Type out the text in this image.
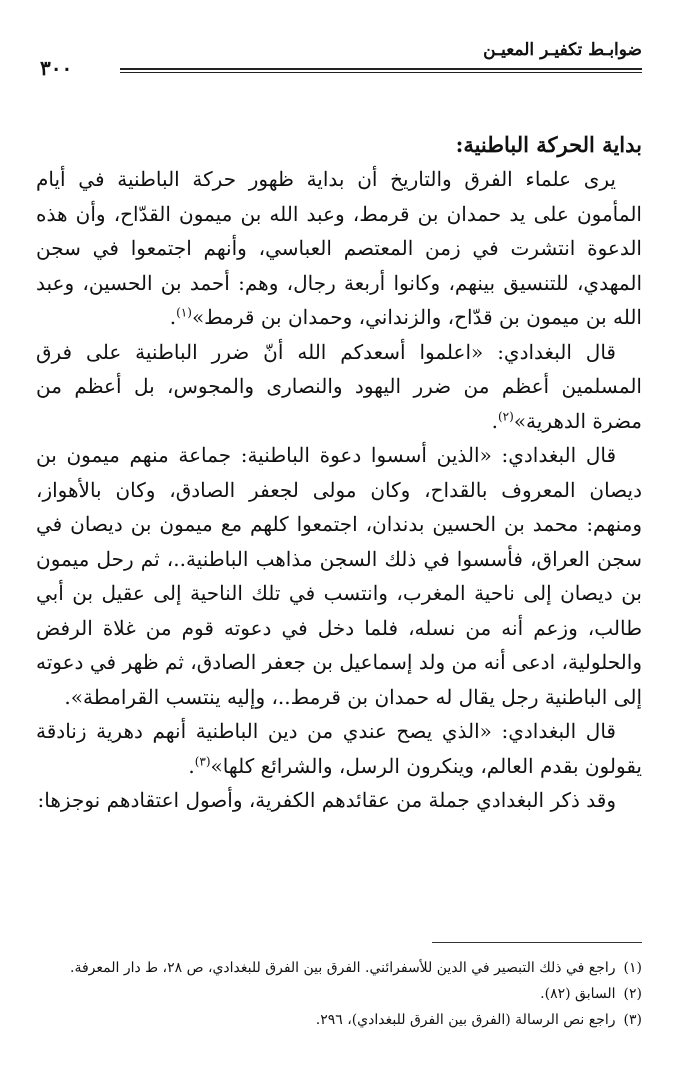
ضوابـط تكفيـر المعيـن
٣٠٠

بداية الحركة الباطنية:

يرى علماء الفرق والتاريخ أن بداية ظهور حركة الباطنية في أيام المأمون على يد حمدان بن قرمط، وعبد الله بن ميمون القدّاح، وأن هذه الدعوة انتشرت في زمن المعتصم العباسي، وأنهم اجتمعوا في سجن المهدي، للتنسيق بينهم، وكانوا أربعة رجال، وهم: أحمد بن الحسين، وعبد الله بن ميمون بن قدّاح، والزنداني، وحمدان بن قرمط»$^{(١)}$.

قال البغدادي: «اعلموا أسعدكم الله أنّ ضرر الباطنية على فرق المسلمين أعظم من ضرر اليهود والنصارى والمجوس، بل أعظم من مضرة الدهرية»$^{(٢)}$.

قال البغدادي: «الذين أسسوا دعوة الباطنية: جماعة منهم ميمون بن ديصان المعروف بالقداح، وكان مولى لجعفر الصادق، وكان بالأهواز، ومنهم: محمد بن الحسين بدندان، اجتمعوا كلهم مع ميمون بن ديصان في سجن العراق، فأسسوا في ذلك السجن مذاهب الباطنية..، ثم رحل ميمون بن ديصان إلى ناحية المغرب، وانتسب في تلك الناحية إلى عقيل بن أبي طالب، وزعم أنه من نسله، فلما دخل في دعوته قوم من غلاة الرفض والحلولية، ادعى أنه من ولد إسماعيل بن جعفر الصادق، ثم ظهر في دعوته إلى الباطنية رجل يقال له حمدان بن قرمط..، وإليه ينتسب القرامطة».

قال البغدادي: «الذي يصح عندي من دين الباطنية أنهم دهرية زنادقة يقولون بقدم العالم، وينكرون الرسل، والشرائع كلها»$^{(٣)}$.

وقد ذكر البغدادي جملة من عقائدهم الكفرية، وأصول اعتقادهم نوجزها:

(١)راجع في ذلك التبصير في الدين للأسفرائني. الفرق بين الفرق للبغدادي، ص ٢٨، ط دار المعرفة.

(٢)السابق (٨٢).

(٣)راجع نص الرسالة (الفرق بين الفرق للبغدادي)، ٢٩٦.
